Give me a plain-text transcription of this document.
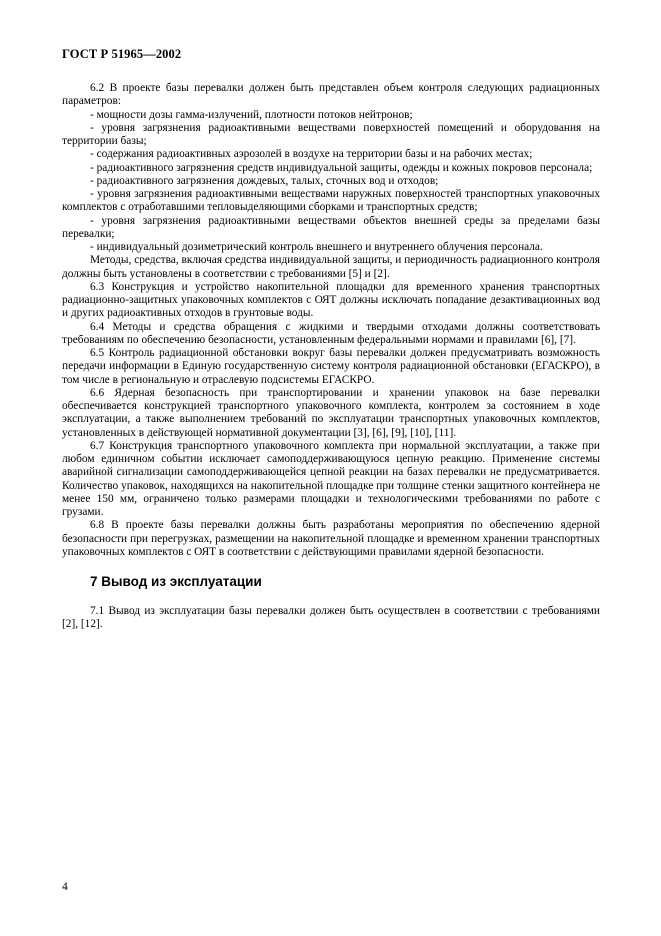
ГОСТ Р 51965—2002

6.2 В проекте базы перевалки должен быть представлен объем контроля следующих радиационных параметров:

- мощности дозы гамма-излучений, плотности потоков нейтронов;

- уровня загрязнения радиоактивными веществами поверхностей помещений и оборудования на территории базы;

- содержания радиоактивных аэрозолей в воздухе на территории базы и на рабочих местах;

- радиоактивного загрязнения средств индивидуальной защиты, одежды и кожных покровов персонала;

- радиоактивного загрязнения дождевых, талых, сточных вод и отходов;

- уровня загрязнения радиоактивными веществами наружных поверхностей транспортных упаковочных комплектов с отработавшими тепловыделяющими сборками и транспортных средств;

- уровня загрязнения радиоактивными веществами объектов внешней среды за пределами базы перевалки;

- индивидуальный дозиметрический контроль внешнего и внутреннего облучения персонала.

Методы, средства, включая средства индивидуальной защиты, и периодичность радиационного контроля должны быть установлены в соответствии с требованиями [5] и [2].

6.3 Конструкция и устройство накопительной площадки для временного хранения транспортных радиационно-защитных упаковочных комплектов с ОЯТ должны исключать попадание дезактивационных вод и других радиоактивных отходов в грунтовые воды.

6.4 Методы и средства обращения с жидкими и твердыми отходами должны соответствовать требованиям по обеспечению безопасности, установленным федеральными нормами и правилами [6], [7].

6.5 Контроль радиационной обстановки вокруг базы перевалки должен предусматривать возможность передачи информации в Единую государственную систему контроля радиационной обстановки (ЕГАСКРО), в том числе в региональную и отраслевую подсистемы ЕГАСКРО.

6.6 Ядерная безопасность при транспортировании и хранении упаковок на базе перевалки обеспечивается конструкцией транспортного упаковочного комплекта, контролем за состоянием в ходе эксплуатации, а также выполнением требований по эксплуатации транспортных упаковочных комплектов, установленных в действующей нормативной документации [3], [6], [9], [10], [11].

6.7 Конструкция транспортного упаковочного комплекта при нормальной эксплуатации, а также при любом единичном событии исключает самоподдерживающуюся цепную реакцию. Применение системы аварийной сигнализации самоподдерживающейся цепной реакции на базах перевалки не предусматривается. Количество упаковок, находящихся на накопительной площадке при толщине стенки защитного контейнера не менее 150 мм, ограничено только размерами площадки и технологическими требованиями по работе с грузами.

6.8 В проекте базы перевалки должны быть разработаны мероприятия по обеспечению ядерной безопасности при перегрузках, размещении на накопительной площадке и временном хранении транспортных упаковочных комплектов с ОЯТ в соответствии с действующими правилами ядерной безопасности.

7 Вывод из эксплуатации

7.1 Вывод из эксплуатации базы перевалки должен быть осуществлен в соответствии с требованиями [2], [12].

4
